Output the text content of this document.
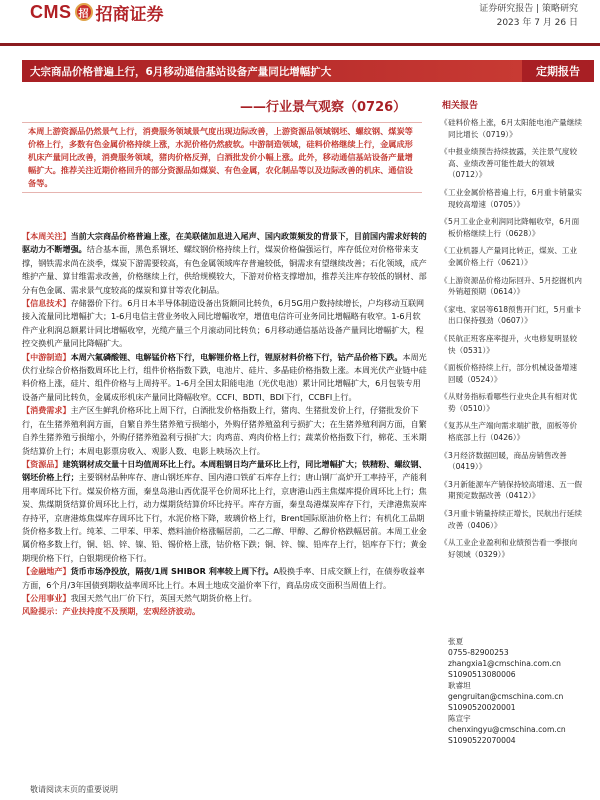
CMS 招 招商证券	证券研究报告 | 策略研究
2023 年 7 月 26 日
大宗商品价格普遍上行，6月移动通信基站设备产量同比增幅扩大	定期报告
——行业景气观察（0726）
本周上游资源品仍然景气上行，消费服务领域景气度出现边际改善，上游资源品领域钢坯、螺纹钢、煤炭等价格上行，多数有色金属价格持续上涨，水泥价格仍然疲软。中游制造领域，硅料价格继续上行，金属成形机床产量同比改善，消费服务领域，猪肉价格反弹，白酒批发价小幅上涨。此外，移动通信基站设备产量增幅扩大。推荐关注近期价格回升的部分资源品如煤炭、有色金属，农化制品等以及边际改善的机床、通信设备等。

【本周关注】当前大宗商品价格普遍上涨，在美联储加息进入尾声、国内政策频发的背景下，目前国内需求好转的驱动力不断增强。结合基本面，黑色系钢坯、螺纹钢价格持续上行，煤炭价格偏强运行，库存低位对价格带来支撑，钢铁需求尚在淡季，煤炭下游需要较高，有色金属领域库存普遍较低，铜需求有望继续改善；石化领域，成产维护产量、算甘维需求改善，价格继续上行，供给规模较大，下游对价格支撑增加，推荐关注库存较低的钢材、部分有色金属、需求景气度较高的煤炭和算甘等农化制品。

【信息技术】存储器价下行。6月日本半导体制造设备出货额同比转负，6月5G用户数持续增长，户均移动互联网接入流量同比增幅扩大；1-6月电信主营业务收入同比增幅收窄，增值电信许可业务同比增幅略有收窄。1-6月软件产业利润总额累计同比增幅收窄，光缆产量三个月滚动同比转负；6月移动通信基站设备产量同比增幅扩大，程控交换机产量同比降幅扩大。

【中游制造】本周六氟磷酸锂、电解锰价格下行，电解锂价格上行，锂原材料价格下行，钴产品价格下跌。本周光伏行业综合价格指数周环比上行，组件价格指数下跌，电池片、硅片、多晶硅价格指数上涨。本周光伏产业链中硅料价格上涨，硅片、组件价格与上周持平。1-6月全国太阳能电池（光伏电池）累计同比增幅扩大，6月包装专用设备产量同比转负，金属成形机床产量同比降幅收窄。CCFI、BDTI、BDI下行，CCBFI上行。

【消费需求】主产区生鲜乳价格环比上周下行，白酒批发价格指数上行，猪肉、生猪批发价上行，仔猪批发价下行，在生猪养殖利润方面，自繁自养生猪养殖亏损缩小，外购仔猪养殖盈利亏损扩大；在生猪养殖利润方面，自繁自养生猪养殖亏损缩小，外购仔猪养殖盈利亏损扩大；肉鸡苗、鸡肉价格上行；蔬菜价格指数下行，棉花、玉米期货结算价上行；本周电影票房收入、观影人数、电影上映场次上行。

【资源品】建筑钢材成交量十日均值周环比上行。本周粗钢日均产量环比上行，同比增幅扩大；铁精粉、螺纹钢、钢坯价格上行；主要钢材品种库存、唐山钢坯库存、国内港口铁矿石库存上行；唐山钢厂高炉开工率持平，产能利用率周环比下行。煤炭价格方面，秦皇岛港山西优混平仓价周环比上行，京唐港山西主焦煤库提价周环比上行；焦炭、焦煤期货结算价周环比上行，动力煤期货结算价环比持平。库存方面，秦皇岛港煤炭库存下行，天津港焦炭库存持平，京唐港炼焦煤库存周环比下行，水泥价格下降，玻璃价格上行，Brent国际原油价格上行；有机化工品期货价格多数上行。纯苯、二甲苯、甲苯、燃料油价格涨幅居前，二乙二醇、甲醇、乙醇价格跌幅居前。本周工业金属价格多数上行，铜、铝、锌、镍、铅、锡价格上涨，钴价格下跌；铜、锌、镍、铅库存上行，铝库存下行；黄金期现价格下行，白银期现价格下行。

【金融地产】货币市场净投放，隔夜/1周 SHIBOR 利率较上周下行。A股换手率、日成交额上行，在债券收益率方面，6个月/3年国债到期收益率周环比上行。本周土地成交溢价率下行，商品房成交面积当周值上行。

【公用事业】我国天然气出厂价下行，英国天然气期货价格上行。

风险提示：产业扶持度不及预期，宏观经济波动。

相关报告
《 硅料价格上涨，6月太阳能电池产量继续同比增长（0719）》
《 中报业绩预告持续披露，关注景气度较高、业绩改善可能性最大的领域（0712）》
《 工业金属价格普遍上行，6月重卡销量实现较高增速（0705）》
《 5月工业企业利润同比降幅收窄，6月面板价格继续上行（0628）》
《 工业机器人产量同比转正，煤炭、工业金属价格上行（0621）》
《 上游资源品价格边际回升、5月挖掘机内外销超预期（0614）》
《 家电、家居等618预售开门红，5月重卡出口保持强劲（0607）》
《 民航正班客座率提升，火电修复明显较快（0531）》
《 面板价格持续上行，部分机械设备增速回暖（0524）》
《 从财务指标看哪些行业央企具有相对优势（0510）》
《 复苏从生产端向需求端扩散，面板等价格底部上行（0426）》
《 3月经济数据回暖，商品房销售改善（0419）》
《 3月新能源车产销保持较高增速、五一假期预定数据改善（0412）》
《 3月重卡销量持续正增长，民航出行延续改善（0406）》
《 从工业企业盈利和业绩预告看一季报向好领域（0329）》
张夏
0755-82900253
zhangxia1@cmschina.com.cn
S1090513080006
耿睿坦
gengruitan@cmschina.com.cn
S1090520020001
陈宣宇
chenxingyu@cmschina.com.cn
S1090522070004
敬请阅读末页的重要说明
